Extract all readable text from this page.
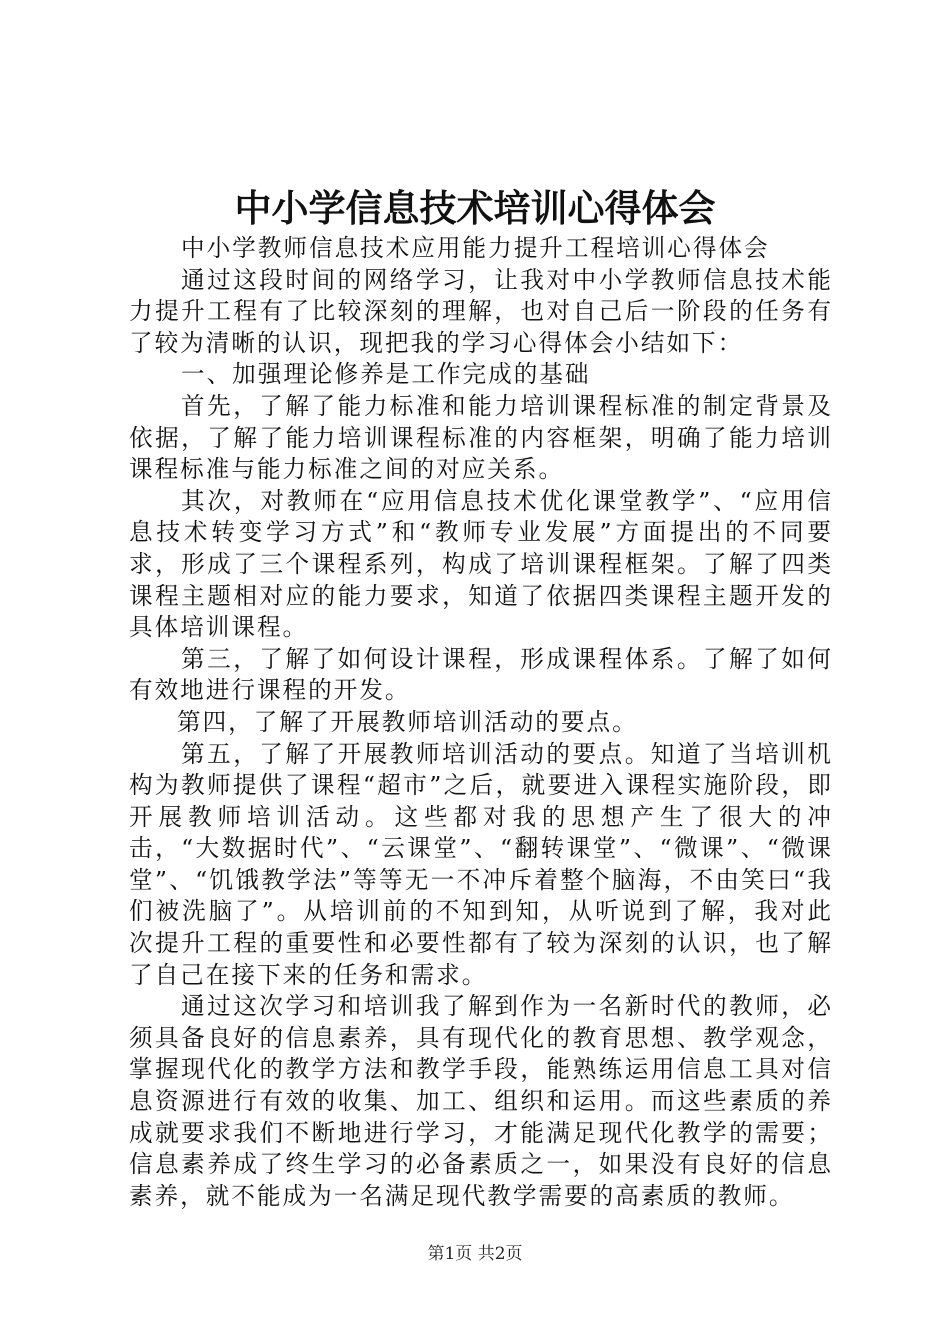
中小学信息技术培训心得体会

中小学教师信息技术应用能力提升工程培训心得体会

通过这段时间的网络学习，让我对中小学教师信息技术能力提升工程有了比较深刻的理解，也对自己后一阶段的任务有了较为清晰的认识，现把我的学习心得体会小结如下：

一、加强理论修养是工作完成的基础

首先，了解了能力标准和能力培训课程标准的制定背景及依据，了解了能力培训课程标准的内容框架，明确了能力培训课程标准与能力标准之间的对应关系。

其次，对教师在“应用信息技术优化课堂教学”、“应用信息技术转变学习方式”和“教师专业发展”方面提出的不同要求，形成了三个课程系列，构成了培训课程框架。了解了四类课程主题相对应的能力要求，知道了依据四类课程主题开发的具体培训课程。

第三，了解了如何设计课程，形成课程体系。了解了如何有效地进行课程的开发。

第四，了解了开展教师培训活动的要点。

第五，了解了开展教师培训活动的要点。知道了当培训机构为教师提供了课程“超市”之后，就要进入课程实施阶段，即开展教师培训活动。这些都对我的思想产生了很大的冲击，“大数据时代”、“云课堂”、“翻转课堂”、“微课”、“微课堂”、“饥饿教学法”等等无一不冲斥着整个脑海，不由笑曰“我们被洗脑了”。从培训前的不知到知，从听说到了解，我对此次提升工程的重要性和必要性都有了较为深刻的认识，也了解了自己在接下来的任务和需求。

通过这次学习和培训我了解到作为一名新时代的教师，必须具备良好的信息素养，具有现代化的教育思想、教学观念，掌握现代化的教学方法和教学手段，能熟练运用信息工具对信息资源进行有效的收集、加工、组织和运用。而这些素质的养成就要求我们不断地进行学习，才能满足现代化教学的需要；信息素养成了终生学习的必备素质之一，如果没有良好的信息素养，就不能成为一名满足现代教学需要的高素质的教师。

第1页 共2页
